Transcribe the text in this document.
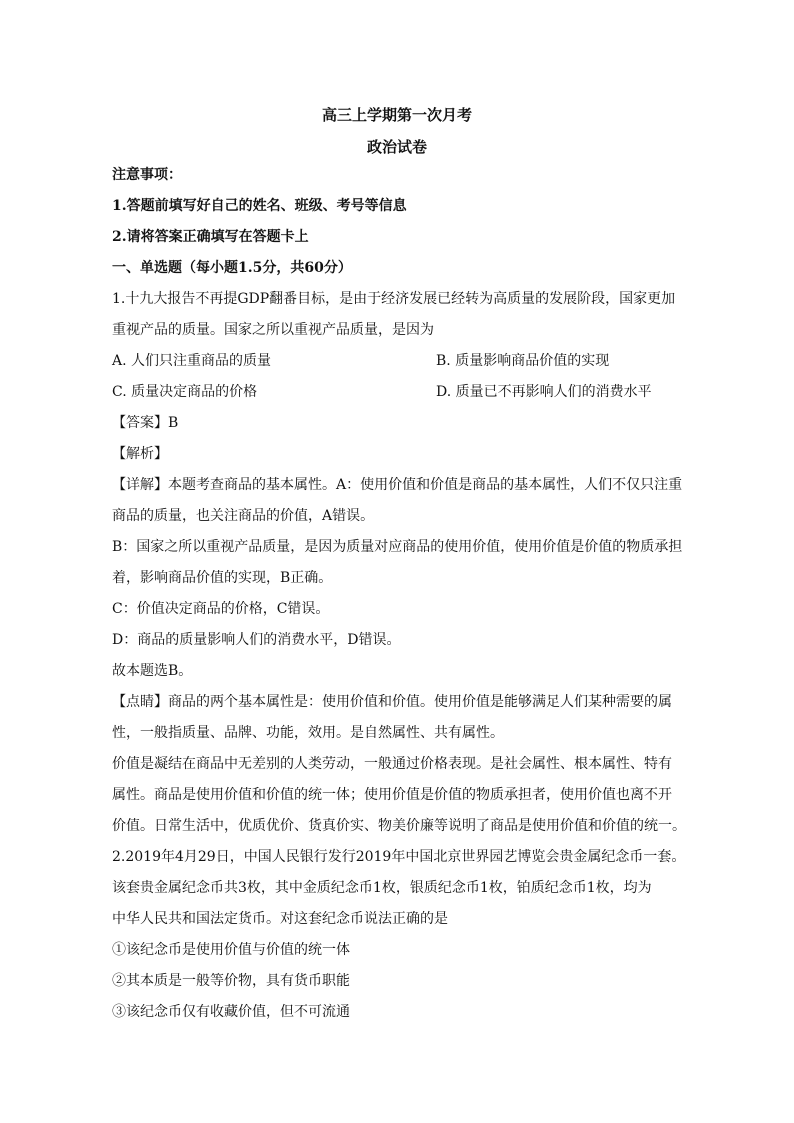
高三上学期第一次月考
政治试卷
注意事项：
1.答题前填写好自己的姓名、班级、考号等信息
2.请将答案正确填写在答题卡上
一、单选题（每小题1.5分，共60分）
1.十九大报告不再提GDP翻番目标，是由于经济发展已经转为高质量的发展阶段，国家更加
重视产品的质量。国家之所以重视产品质量，是因为
A. 人们只注重商品的质量	B. 质量影响商品价值的实现
C. 质量决定商品的价格	D. 质量已不再影响人们的消费水平
【答案】B
【解析】
【详解】本题考查商品的基本属性。A：使用价值和价值是商品的基本属性，人们不仅只注重
商品的质量，也关注商品的价值，A错误。
B：国家之所以重视产品质量，是因为质量对应商品的使用价值，使用价值是价值的物质承担
着，影响商品价值的实现，B正确。
C：价值决定商品的价格，C错误。
D：商品的质量影响人们的消费水平，D错误。
故本题选B。
【点睛】商品的两个基本属性是：使用价值和价值。使用价值是能够满足人们某种需要的属
性，一般指质量、品牌、功能，效用。是自然属性、共有属性。
价值是凝结在商品中无差别的人类劳动，一般通过价格表现。是社会属性、根本属性、特有
属性。商品是使用价值和价值的统一体；使用价值是价值的物质承担者，使用价值也离不开
价值。日常生活中，优质优价、货真价实、物美价廉等说明了商品是使用价值和价值的统一。
2.2019年4月29日，中国人民银行发行2019年中国北京世界园艺博览会贵金属纪念币一套。
该套贵金属纪念币共3枚，其中金质纪念币1枚，银质纪念币1枚，铂质纪念币1枚，均为
中华人民共和国法定货币。对这套纪念币说法正确的是
①该纪念币是使用价值与价值的统一体
②其本质是一般等价物，具有货币职能
③该纪念币仅有收藏价值，但不可流通
